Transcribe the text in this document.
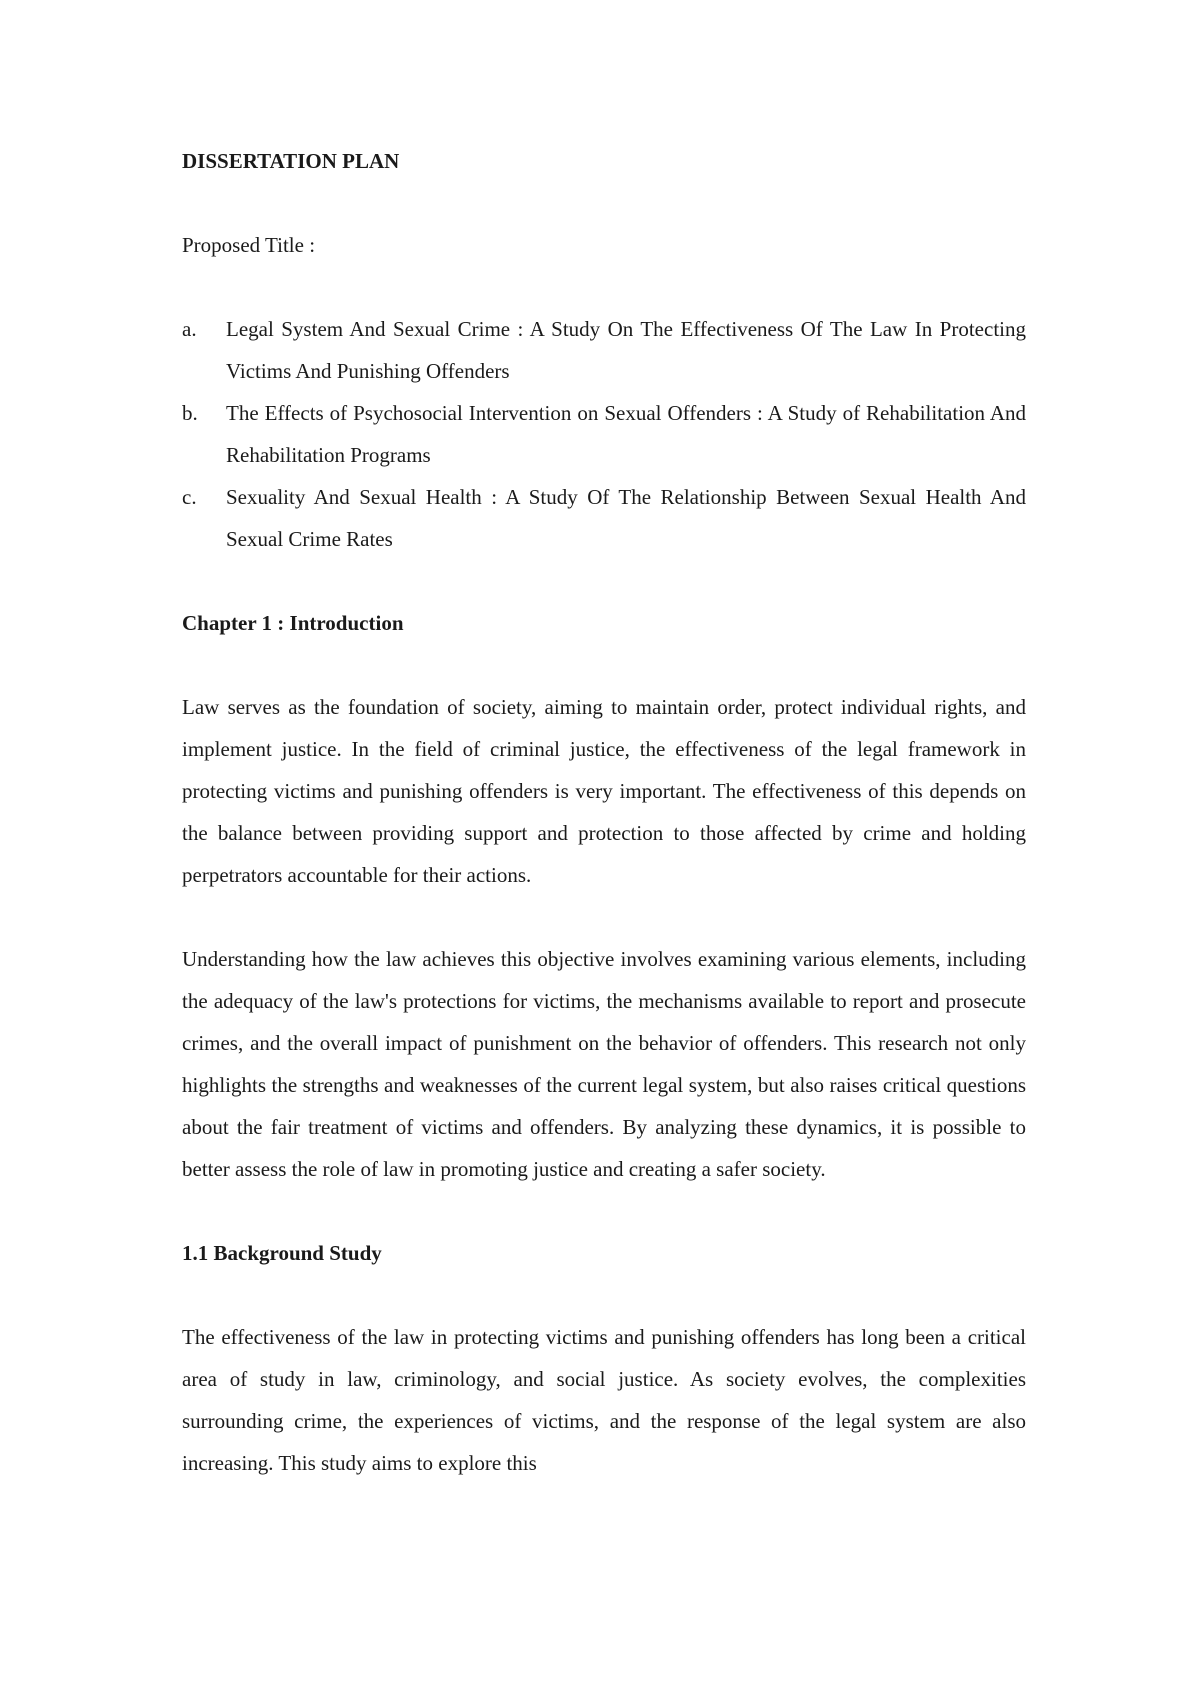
DISSERTATION PLAN

Proposed Title :

a. Legal System And Sexual Crime : A Study On The Effectiveness Of The Law In Protecting Victims And Punishing Offenders
b. The Effects of Psychosocial Intervention on Sexual Offenders : A Study of Rehabilitation And Rehabilitation Programs
c. Sexuality And Sexual Health : A Study Of The Relationship Between Sexual Health And Sexual Crime Rates

Chapter 1 : Introduction

Law serves as the foundation of society, aiming to maintain order, protect individual rights, and implement justice. In the field of criminal justice, the effectiveness of the legal framework in protecting victims and punishing offenders is very important. The effectiveness of this depends on the balance between providing support and protection to those affected by crime and holding perpetrators accountable for their actions.

Understanding how the law achieves this objective involves examining various elements, including the adequacy of the law's protections for victims, the mechanisms available to report and prosecute crimes, and the overall impact of punishment on the behavior of offenders. This research not only highlights the strengths and weaknesses of the current legal system, but also raises critical questions about the fair treatment of victims and offenders. By analyzing these dynamics, it is possible to better assess the role of law in promoting justice and creating a safer society.

1.1 Background Study

The effectiveness of the law in protecting victims and punishing offenders has long been a critical area of study in law, criminology, and social justice. As society evolves, the complexities surrounding crime, the experiences of victims, and the response of the legal system are also increasing. This study aims to explore this
